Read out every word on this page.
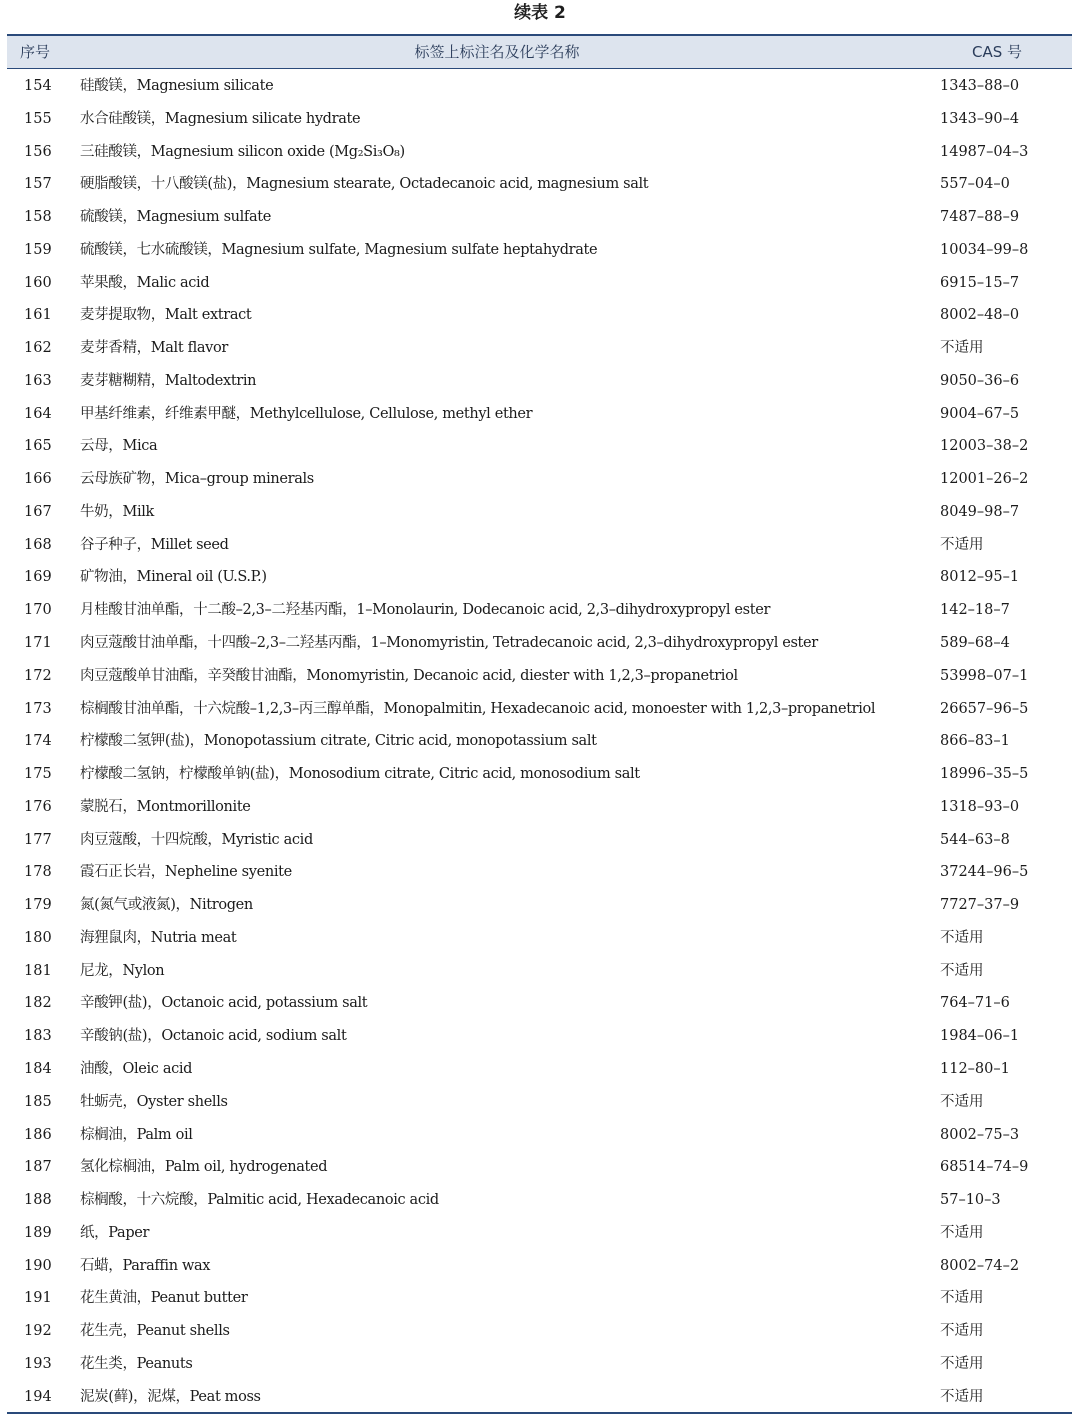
续表 2
序号	标签上标注名及化学名称	CAS 号
154 硅酸镁，Magnesium silicate	1343–88–0
155 水合硅酸镁，Magnesium silicate hydrate	1343–90–4
156 三硅酸镁，Magnesium silicon oxide (Mg₂Si₃O₈)	14987–04–3
157 硬脂酸镁，十八酸镁(盐)，Magnesium stearate, Octadecanoic acid, magnesium salt	557–04–0
158 硫酸镁，Magnesium sulfate	7487–88–9
159 硫酸镁，七水硫酸镁，Magnesium sulfate, Magnesium sulfate heptahydrate	10034–99–8
160 苹果酸，Malic acid	6915–15–7
161 麦芽提取物，Malt extract	8002–48–0
162 麦芽香精，Malt flavor	不适用
163 麦芽糖糊精，Maltodextrin	9050–36–6
164 甲基纤维素，纤维素甲醚，Methylcellulose, Cellulose, methyl ether	9004–67–5
165 云母，Mica	12003–38–2
166 云母族矿物，Mica–group minerals	12001–26–2
167 牛奶，Milk	8049–98–7
168 谷子种子，Millet seed	不适用
169 矿物油，Mineral oil (U.S.P.)	8012–95–1
170 月桂酸甘油单酯，十二酸–2,3–二羟基丙酯，1–Monolaurin, Dodecanoic acid, 2,3–dihydroxypropyl ester	142–18–7
171 肉豆蔻酸甘油单酯，十四酸–2,3–二羟基丙酯，1–Monomyristin, Tetradecanoic acid, 2,3–dihydroxypropyl ester	589–68–4
172 肉豆蔻酸单甘油酯，辛癸酸甘油酯，Monomyristin, Decanoic acid, diester with 1,2,3–propanetriol	53998–07–1
173 棕榈酸甘油单酯，十六烷酸–1,2,3–丙三醇单酯，Monopalmitin, Hexadecanoic acid, monoester with 1,2,3–propanetriol	26657–96–5
174 柠檬酸二氢钾(盐)，Monopotassium citrate, Citric acid, monopotassium salt	866–83–1
175 柠檬酸二氢钠，柠檬酸单钠(盐)，Monosodium citrate, Citric acid, monosodium salt	18996–35–5
176 蒙脱石，Montmorillonite	1318–93–0
177 肉豆蔻酸，十四烷酸，Myristic acid	544–63–8
178 霞石正长岩，Nepheline syenite	37244–96–5
179 氮(氮气或液氮)，Nitrogen	7727–37–9
180 海狸鼠肉，Nutria meat	不适用
181 尼龙，Nylon	不适用
182 辛酸钾(盐)，Octanoic acid, potassium salt	764–71–6
183 辛酸钠(盐)，Octanoic acid, sodium salt	1984–06–1
184 油酸，Oleic acid	112–80–1
185 牡蛎壳，Oyster shells	不适用
186 棕榈油，Palm oil	8002–75–3
187 氢化棕榈油，Palm oil, hydrogenated	68514–74–9
188 棕榈酸，十六烷酸，Palmitic acid, Hexadecanoic acid	57–10–3
189 纸，Paper	不适用
190 石蜡，Paraffin wax	8002–74–2
191 花生黄油，Peanut butter	不适用
192 花生壳，Peanut shells	不适用
193 花生类，Peanuts	不适用
194 泥炭(藓)，泥煤，Peat moss	不适用
